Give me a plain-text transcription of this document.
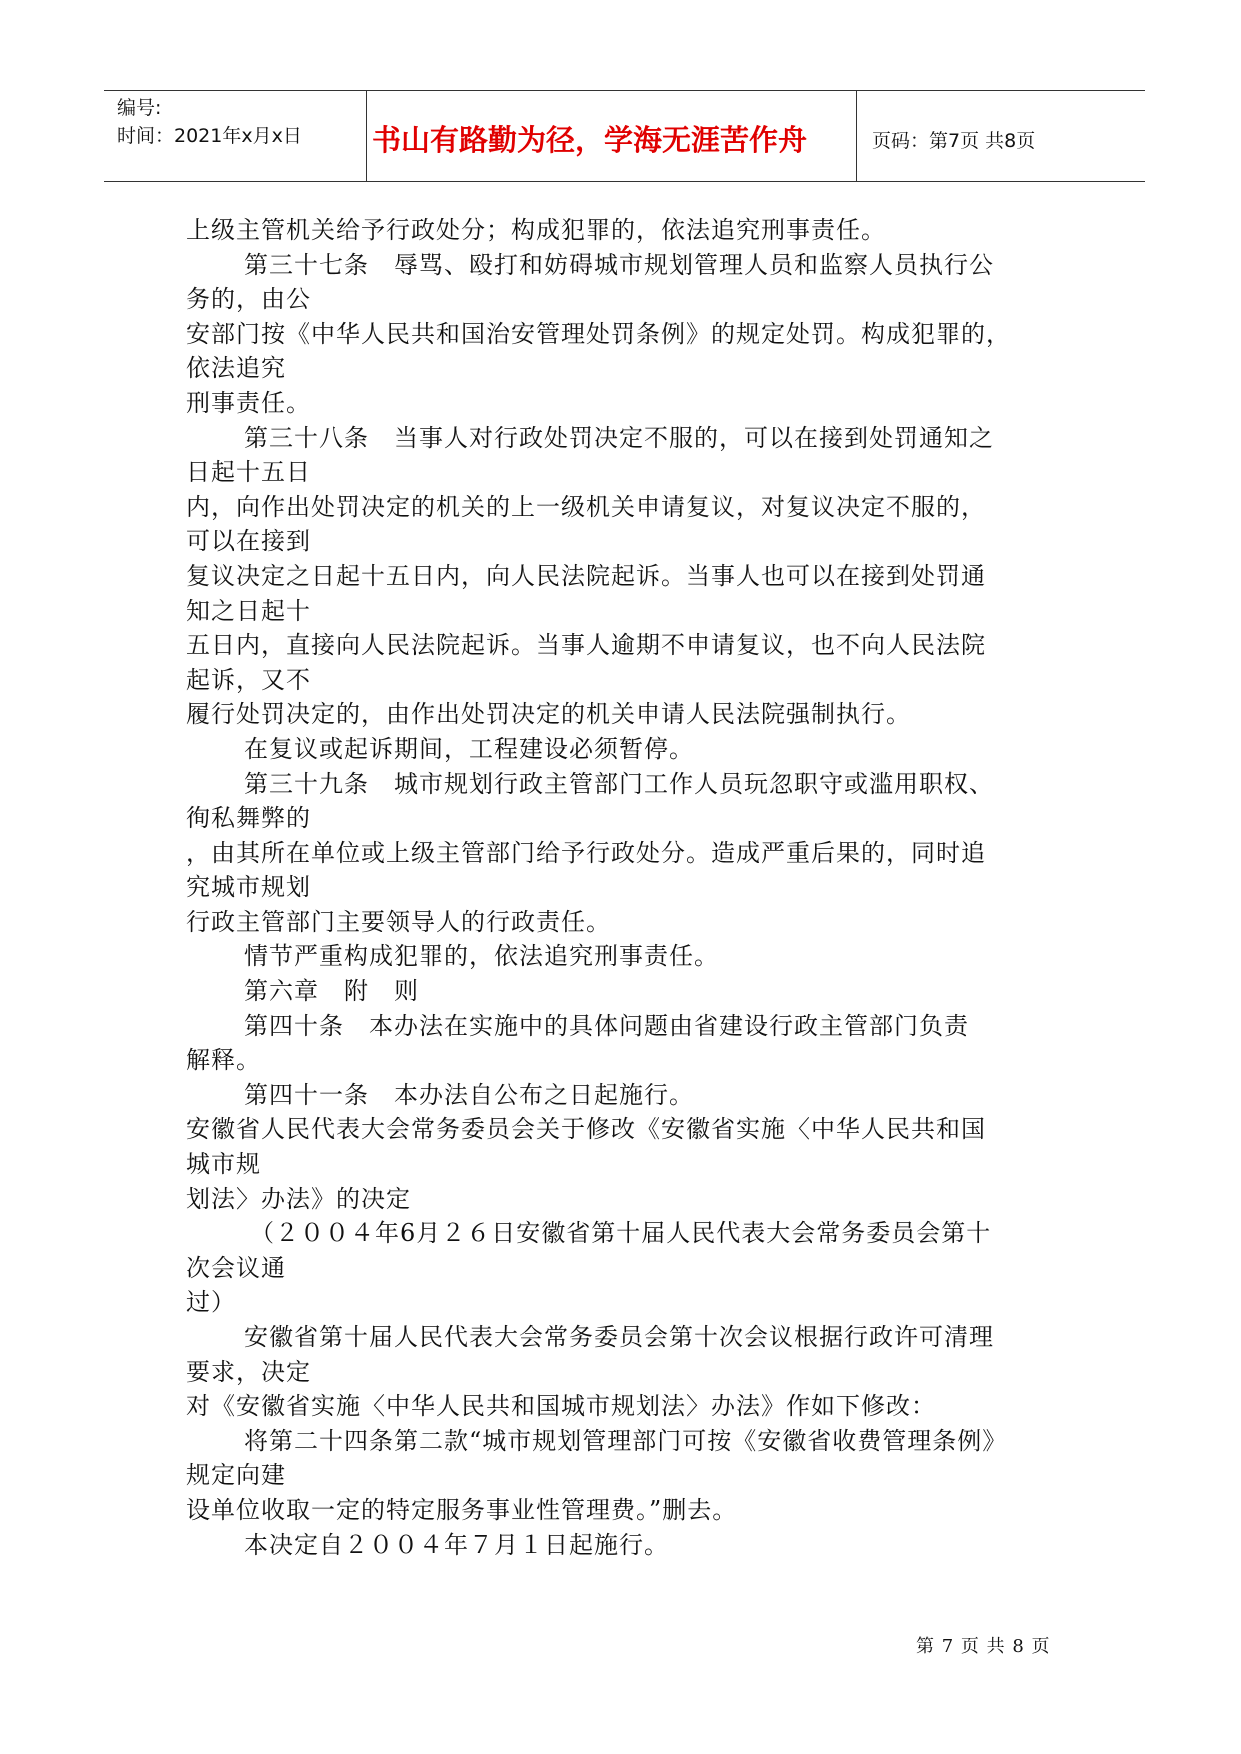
编号:
时间：2021年x月x日 书山有路勤为径，学海无涯苦作舟	页码：第7页 共8页
上级主管机关给予行政处分；构成犯罪的，依法追究刑事责任。
第三十七条　辱骂、殴打和妨碍城市规划管理人员和监察人员执行公
务的，由公
安部门按《中华人民共和国治安管理处罚条例》的规定处罚。构成犯罪的，
依法追究
刑事责任。
第三十八条　当事人对行政处罚决定不服的，可以在接到处罚通知之
日起十五日
内，向作出处罚决定的机关的上一级机关申请复议，对复议决定不服的，
可以在接到
复议决定之日起十五日内，向人民法院起诉。当事人也可以在接到处罚通
知之日起十
五日内，直接向人民法院起诉。当事人逾期不申请复议，也不向人民法院
起诉，又不
履行处罚决定的，由作出处罚决定的机关申请人民法院强制执行。
在复议或起诉期间，工程建设必须暂停。
第三十九条　城市规划行政主管部门工作人员玩忽职守或滥用职权、
徇私舞弊的
，由其所在单位或上级主管部门给予行政处分。造成严重后果的，同时追
究城市规划
行政主管部门主要领导人的行政责任。
情节严重构成犯罪的，依法追究刑事责任。
第六章　附　则
第四十条　本办法在实施中的具体问题由省建设行政主管部门负责
解释。
第四十一条　本办法自公布之日起施行。
安徽省人民代表大会常务委员会关于修改《安徽省实施〈中华人民共和国
城市规
划法〉办法》的决定
（２００４年6月２６日安徽省第十届人民代表大会常务委员会第十
次会议通
过）
安徽省第十届人民代表大会常务委员会第十次会议根据行政许可清理
要求，决定
对《安徽省实施〈中华人民共和国城市规划法〉办法》作如下修改：
将第二十四条第二款“城市规划管理部门可按《安徽省收费管理条例》
规定向建
设单位收取一定的特定服务事业性管理费。”删去。
本决定自２００４年７月１日起施行。
第 7 页 共 8 页
